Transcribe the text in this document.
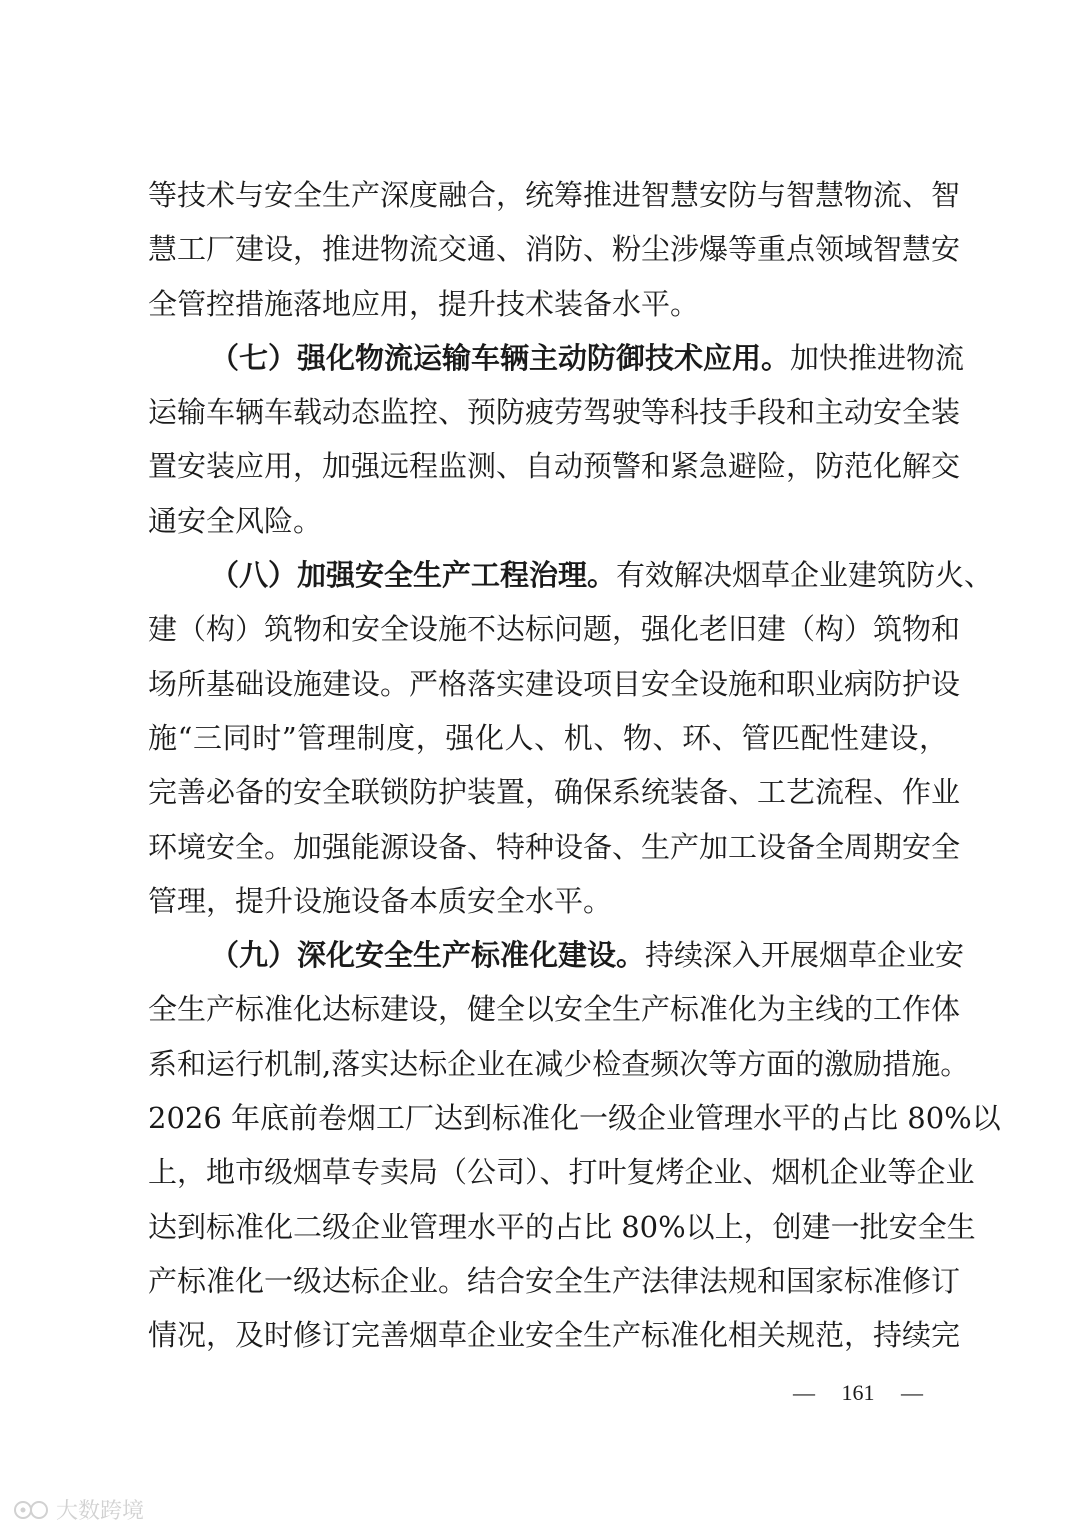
等技术与安全生产深度融合，统筹推进智慧安防与智慧物流、智
慧工厂建设，推进物流交通、消防、粉尘涉爆等重点领域智慧安
全管控措施落地应用，提升技术装备水平。
（七）强化物流运输车辆主动防御技术应用。加快推进物流
运输车辆车载动态监控、预防疲劳驾驶等科技手段和主动安全装
置安装应用，加强远程监测、自动预警和紧急避险，防范化解交
通安全风险。
（八）加强安全生产工程治理。有效解决烟草企业建筑防火、
建（构）筑物和安全设施不达标问题，强化老旧建（构）筑物和
场所基础设施建设。严格落实建设项目安全设施和职业病防护设
施“三同时”管理制度，强化人、机、物、环、管匹配性建设，
完善必备的安全联锁防护装置，确保系统装备、工艺流程、作业
环境安全。加强能源设备、特种设备、生产加工设备全周期安全
管理，提升设施设备本质安全水平。
（九）深化安全生产标准化建设。持续深入开展烟草企业安
全生产标准化达标建设，健全以安全生产标准化为主线的工作体
系和运行机制,落实达标企业在减少检查频次等方面的激励措施。
2026 年底前卷烟工厂达到标准化一级企业管理水平的占比 80%以
上，地市级烟草专卖局（公司）、打叶复烤企业、烟机企业等企业
达到标准化二级企业管理水平的占比 80%以上，创建一批安全生
产标准化一级达标企业。结合安全生产法律法规和国家标准修订
情况，及时修订完善烟草企业安全生产标准化相关规范，持续完
— 161 —
大数跨境
